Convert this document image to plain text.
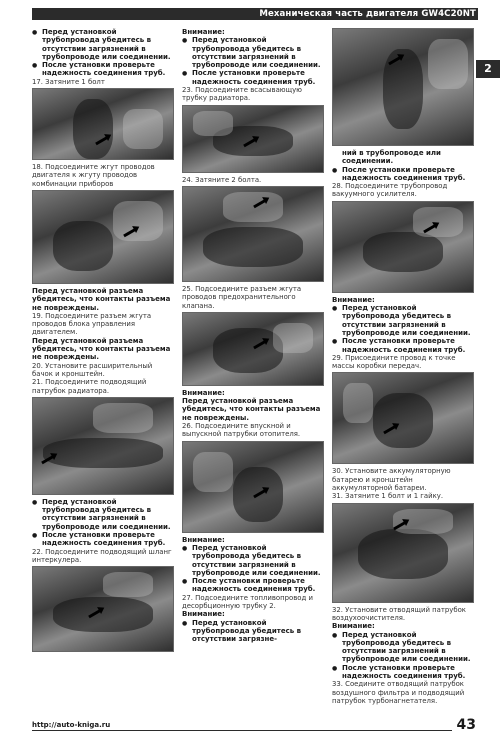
Механическая часть двигателя GW4C20NT
2
●
Перед установкой трубопровода убедитесь в отсутствии загрязнений в трубопроводе или соединении.
●
После установки проверьте надежность соединения труб.
17. Затяните 1 болт
18. Подсоедините жгут проводов двигателя к жгуту проводов комбинации приборов
Перед установкой разъема убедитесь, что контакты разъема не повреждены.
19. Подсоедините разъем жгута проводов блока управления двигателем.
Перед установкой разъема убедитесь, что контакты разъема не повреждены.
20. Установите расширительный бачок и кронштейн.
21. Подсоедините подводящий патрубок радиатора.
●
Перед установкой трубопровода убедитесь в отсутствии загрязнений в трубопроводе или соединении.
●
После установки проверьте надежность соединения труб.
22. Подсоедините подводящий шланг интеркулера.
Внимание:
●
Перед установкой трубопровода убедитесь в отсутствии загрязнений в трубопроводе или соединении.
●
После установки проверьте надежность соединения труб.
23. Подсоедините всасывающую трубку радиатора.
24. Затяните 2 болта.
25. Подсоедините разъем жгута проводов предохранительного клапана.
Внимание:
Перед установкой разъема убедитесь, что контакты разъема не повреждены.
26. Подсоедините впускной и выпускной патрубки отопителя.
Внимание:
●
Перед установкой трубопровода убедитесь в отсутствии загрязнений в трубопроводе или соединении.
●
После установки проверьте надежность соединения труб.
27. Подсоедините топливопровод и десорбционную трубку 2.
Внимание:
●
Перед установкой трубопровода убедитесь в отсутствии загрязне-
ний в трубопроводе или соединении.
●
После установки проверьте надежность соединения труб.
28. Подсоедините трубопровод вакуумного усилителя.
Внимание:
●
Перед установкой трубопровода убедитесь в отсутствии загрязнений в трубопроводе или соединении.
●
После установки проверьте надежность соединения труб.
29. Присоедините провод к точке массы коробки передач.
30. Установите аккумуляторную батарею и кронштейн аккумуляторной батареи.
31. Затяните 1 болт и 1 гайку.
32. Установите отводящий патрубок воздухоочистителя.
Внимание:
●
Перед установкой трубопровода убедитесь в отсутствии загрязнений в трубопроводе или соединении.
●
После установки проверьте надежность соединения труб.
33. Соедините отводящий патрубок воздушного фильтра и подводящий патрубок турбонагнетателя.
http://auto-kniga.ru	43
